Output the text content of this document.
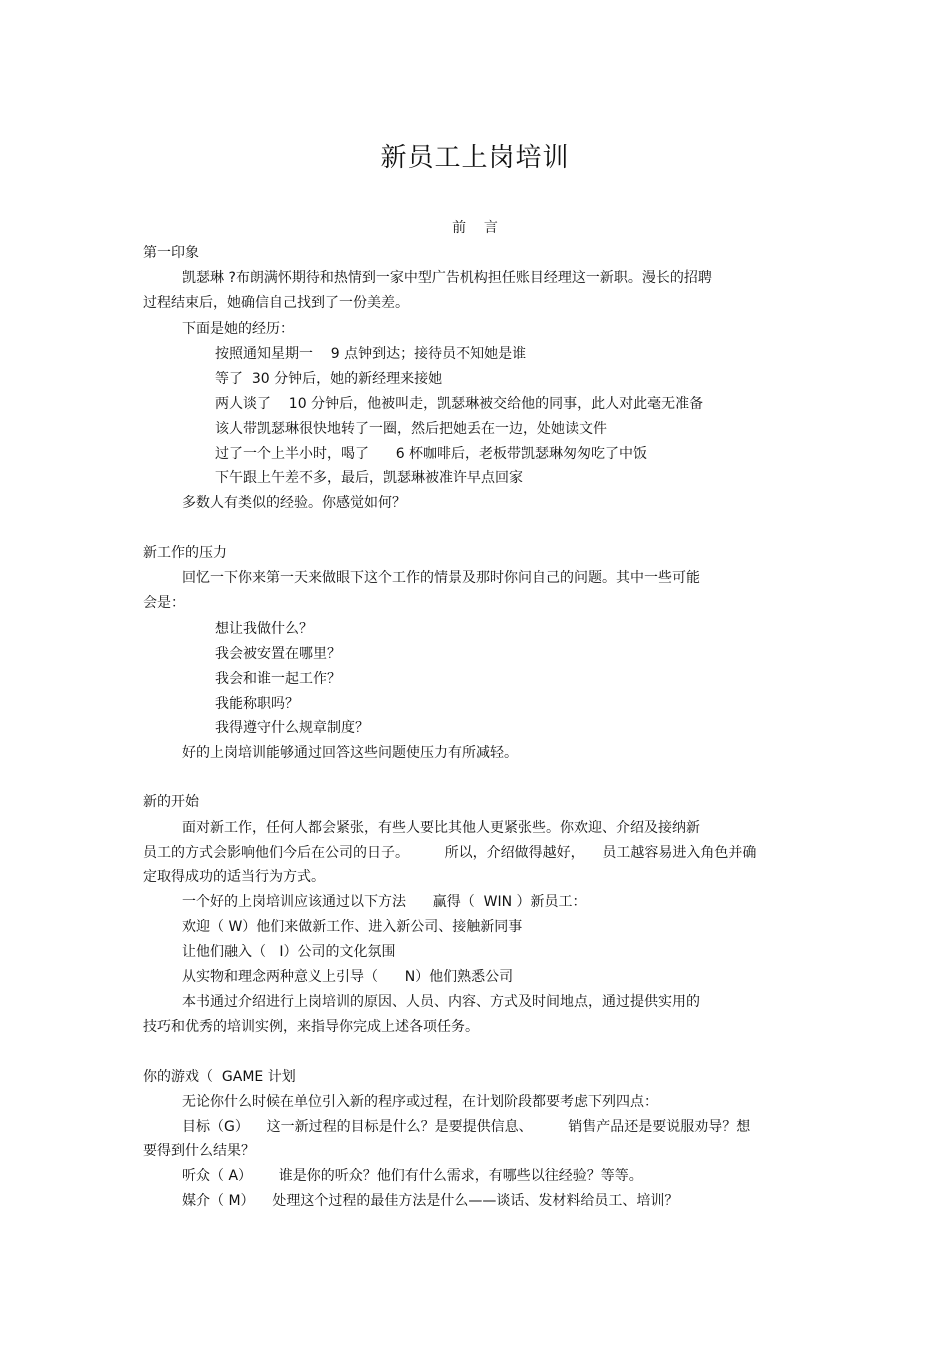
新员工上岗培训
前    言
第一印象
凯瑟琳 ?布朗满怀期待和热情到一家中型广告机构担任账目经理这一新职。漫长的招聘
过程结束后，她确信自己找到了一份美差。
下面是她的经历：
按照通知星期一    9 点钟到达；接待员不知她是谁
等了  30 分钟后，她的新经理来接她
两人谈了    10 分钟后，他被叫走，凯瑟琳被交给他的同事，此人对此毫无准备
该人带凯瑟琳很快地转了一圈，然后把她丢在一边，处她读文件
过了一个上半小时，喝了      6 杯咖啡后，老板带凯瑟琳匆匆吃了中饭
下午跟上午差不多，最后，凯瑟琳被准许早点回家
多数人有类似的经验。你感觉如何？
新工作的压力
回忆一下你来第一天来做眼下这个工作的情景及那时你问自己的问题。其中一些可能
会是：
想让我做什么？
我会被安置在哪里？
我会和谁一起工作？
我能称职吗？
我得遵守什么规章制度？
好的上岗培训能够通过回答这些问题使压力有所减轻。
新的开始
面对新工作，任何人都会紧张，有些人要比其他人更紧张些。你欢迎、介绍及接纳新
员工的方式会影响他们今后在公司的日子。        所以，介绍做得越好，    员工越容易进入角色并确
定取得成功的适当行为方式。
一个好的上岗培训应该通过以下方法      赢得（  WIN ）新员工：
欢迎（ W）他们来做新工作、进入新公司、接触新同事
让他们融入（   I）公司的文化氛围
从实物和理念两种意义上引导（      N）他们熟悉公司
本书通过介绍进行上岗培训的原因、人员、内容、方式及时间地点，通过提供实用的
技巧和优秀的培训实例，来指导你完成上述各项任务。
你的游戏（  GAME 计划
无论你什么时候在单位引入新的程序或过程，在计划阶段都要考虑下列四点：
目标（G）    这一新过程的目标是什么？是要提供信息、        销售产品还是要说服劝导？想
要得到什么结果？
听众（ A）      谁是你的听众？他们有什么需求，有哪些以往经验？等等。
媒介（ M）    处理这个过程的最佳方法是什么——谈话、发材料给员工、培训？
